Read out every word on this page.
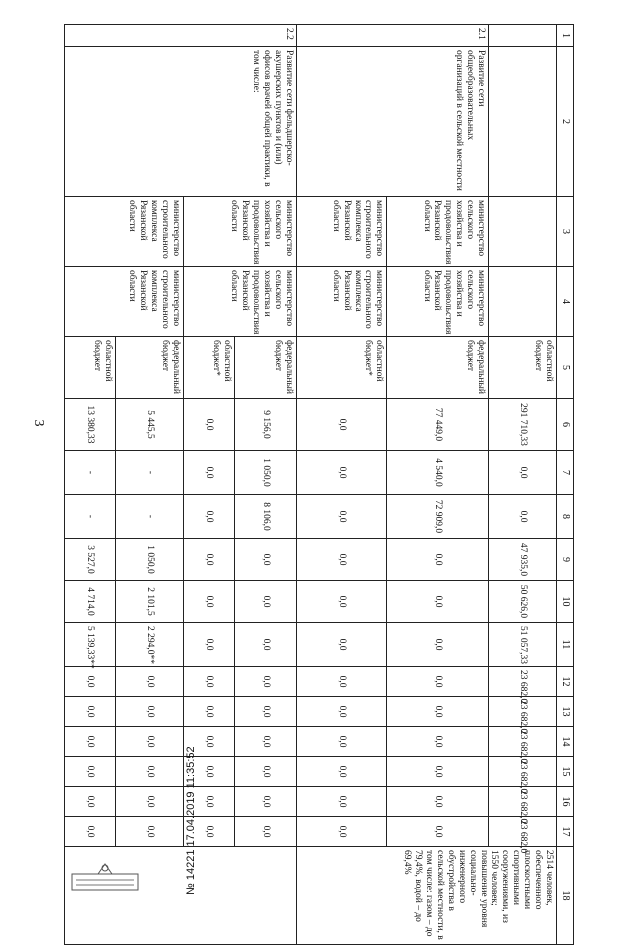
3
1	2	3	4	5	6	7	8	9	10	11	12	13	14	15	16	17	18
				областной бюджет	291 710,33	0,0	0,0	47 935,0	50 626,0	51 057,33	23 682,0	23 682,0	23 682,0	23 682,0	23 682,0	23 682,0	2514 человек, обеспеченного плоскостными спортивными сооружениями, из 1550 человек; повышение уровня социально-инженерного обустройства в сельской местности, в том числе: газом – до 79,4%, водой – до 69,4%
2.1	Развитие сети общеобразовательных организаций в сельской местности	министерство сельского хозяйства и продовольствия Рязанской области	министерство сельского хозяйства и продовольствия Рязанской области	федеральный бюджет	77 449,0	4 540,0	72 909,0	0,0	0,0	0,0	0,0	0,0	0,0	0,0	0,0	0,0	
		министерство строительного комплекса Рязанской области	министерство строительного комплекса Рязанской области	областной бюджет*	0,0	0,0	0,0	0,0	0,0	0,0	0,0	0,0	0,0	0,0	0,0	0,0	
2.2	Развитие сети фельдшерско-акушерских пунктов и (или) офисов врачей общей практики, в том числе:	министерство сельского хозяйства и продовольствия Рязанской области	министерство сельского хозяйства и продовольствия Рязанской области	федеральный бюджет	9 156,0	1 050,0	8 106,0	0,0	0,0	0,0	0,0	0,0	0,0	0,0	0,0	0,0	
				областной бюджет*	0,0	0,0	0,0	0,0	0,0	0,0	0,0	0,0	0,0	0,0	0,0	0,0	
		министерство строительного комплекса Рязанской области	министерство строительного комплекса Рязанской области	федеральный бюджет	5 445,5	-	-	1 050,0	2 101,5	2 294,0**	0,0	0,0	0,0	0,0	0,0	0,0	
				областной бюджет	13 380,33	-	-	3 527,0	4 714,0	5 139,33**	0,0	0,0	0,0	0,0	0,0	0,0		№ 14221 17.04.2019 11:35:52
